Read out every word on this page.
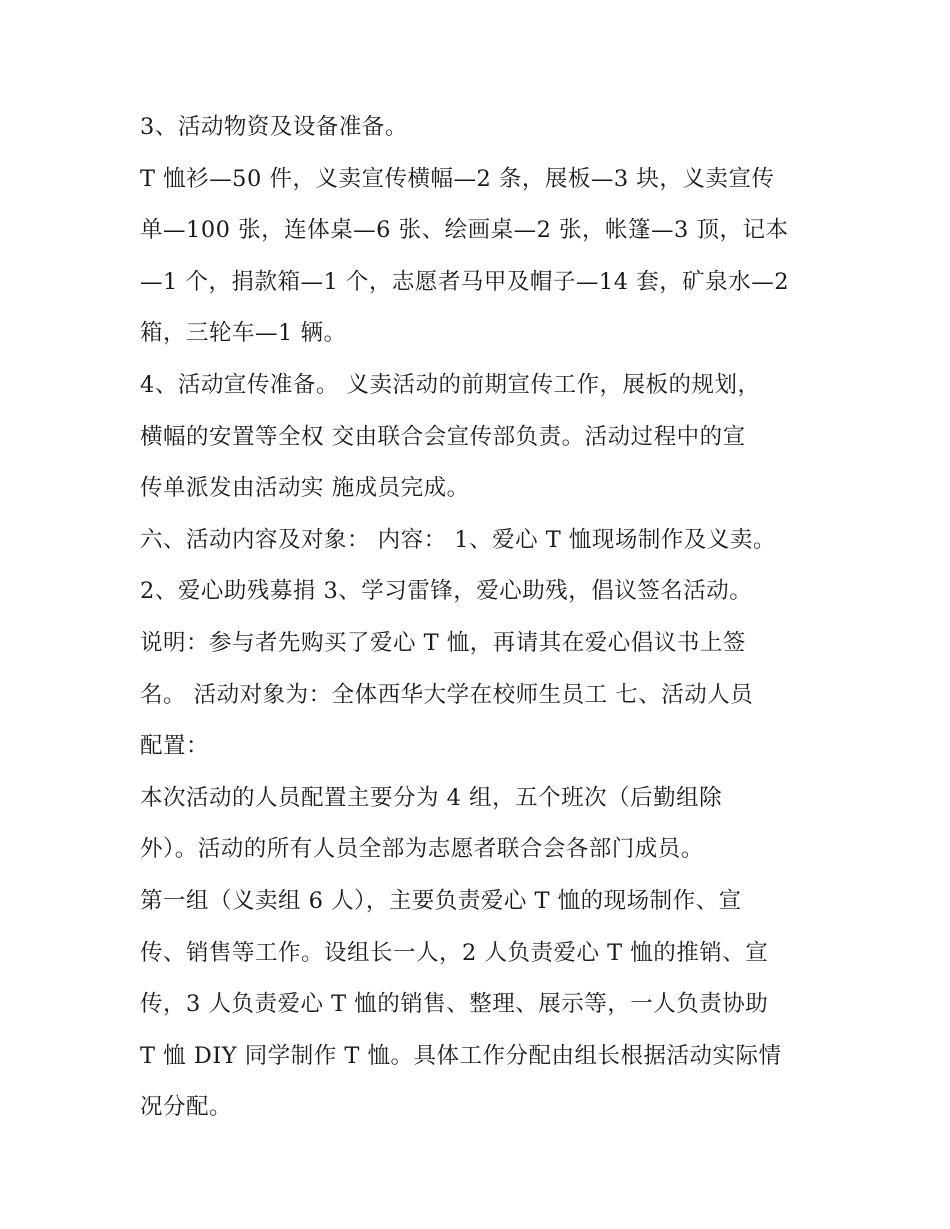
3、活动物资及设备准备。
T 恤衫—50 件，义卖宣传横幅—2 条，展板—3 块，义卖宣传
单—100 张，连体桌—6 张、绘画桌—2 张，帐篷—3 顶，记本
—1 个，捐款箱—1 个，志愿者马甲及帽子—14 套，矿泉水—2
箱，三轮车—1 辆。
4、活动宣传准备。 义卖活动的前期宣传工作，展板的规划，
横幅的安置等全权 交由联合会宣传部负责。活动过程中的宣
传单派发由活动实 施成员完成。
六、活动内容及对象： 内容： 1、爱心 T 恤现场制作及义卖。
2、爱心助残募捐 3、学习雷锋，爱心助残，倡议签名活动。
说明：参与者先购买了爱心 T 恤，再请其在爱心倡议书上签
名。 活动对象为：全体西华大学在校师生员工 七、活动人员
配置：
本次活动的人员配置主要分为 4 组，五个班次（后勤组除
外）。活动的所有人员全部为志愿者联合会各部门成员。
第一组（义卖组 6 人），主要负责爱心 T 恤的现场制作、宣
传、销售等工作。设组长一人，2 人负责爱心 T 恤的推销、宣
传，3 人负责爱心 T 恤的销售、整理、展示等，一人负责协助
T 恤 DIY 同学制作 T 恤。具体工作分配由组长根据活动实际情
况分配。
